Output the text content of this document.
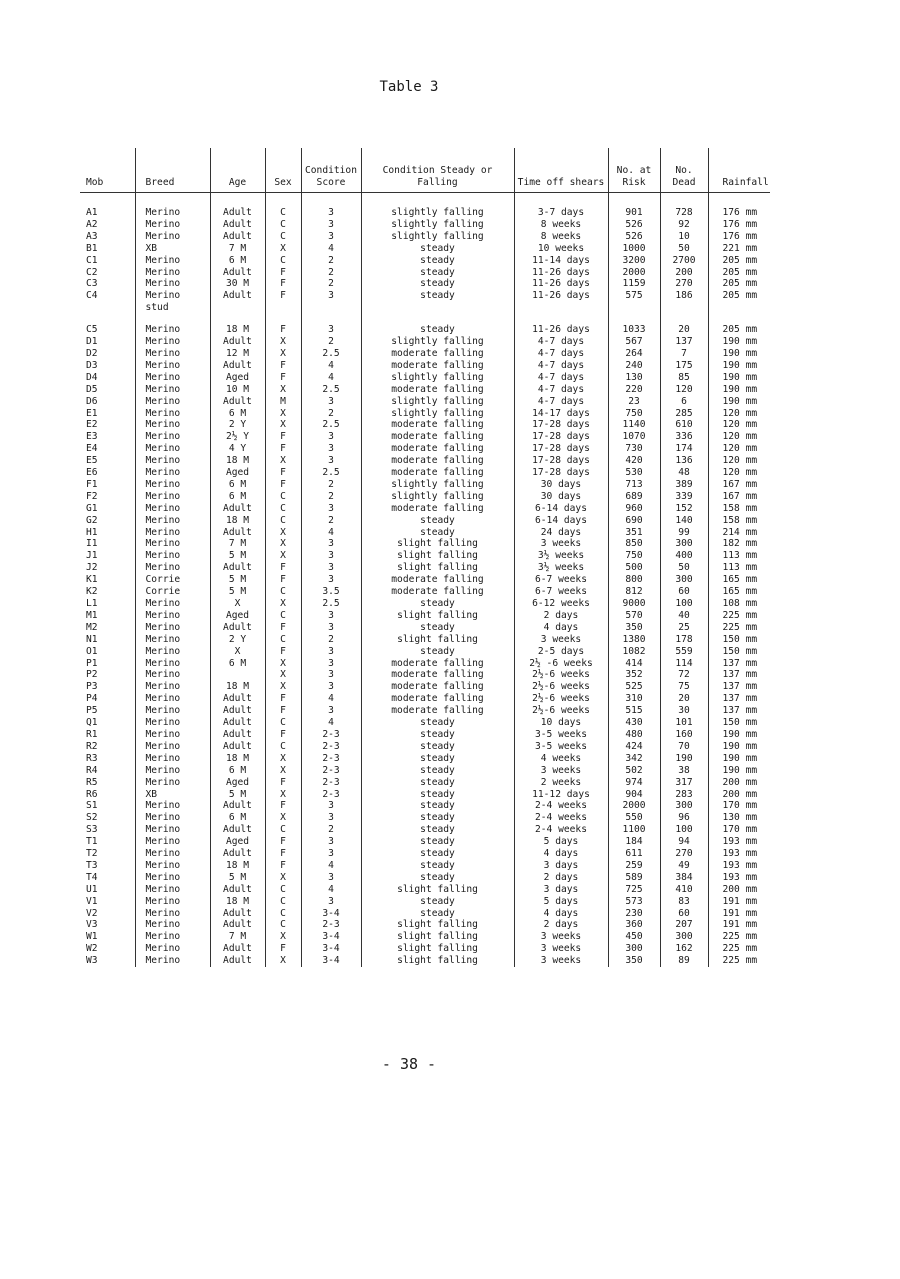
Table 3
Mob	Breed	Age	Sex	Condition Score	Condition Steady or Falling	Time off shears	No. at Risk	No. Dead	Rainfall
A1	Merino	Adult	C	3	slightly falling	3-7 days	901	728	176 mm
A2	Merino	Adult	C	3	slightly falling	8 weeks	526	92	176 mm
A3	Merino	Adult	C	3	slightly falling	8 weeks	526	10	176 mm
B1	XB	7 M	X	4	steady	10 weeks	1000	50	221 mm
C1	Merino	6 M	C	2	steady	11-14 days	3200	2700	205 mm
C2	Merino	Adult	F	2	steady	11-26 days	2000	200	205 mm
C3	Merino	30 M	F	2	steady	11-26 days	1159	270	205 mm
C4	Merino	Adult	F	3	steady	11-26 days	575	186	205 mm
	stud								
C5	Merino	18 M	F	3	steady	11-26 days	1033	20	205 mm
D1	Merino	Adult	X	2	slightly falling	4-7 days	567	137	190 mm
D2	Merino	12 M	X	2.5	moderate falling	4-7 days	264	7	190 mm
D3	Merino	Adult	F	4	moderate falling	4-7 days	240	175	190 mm
D4	Merino	Aged	F	4	slightly falling	4-7 days	130	85	190 mm
D5	Merino	10 M	X	2.5	moderate falling	4-7 days	220	120	190 mm
D6	Merino	Adult	M	3	slightly falling	4-7 days	23	6	190 mm
E1	Merino	6 M	X	2	slightly falling	14-17 days	750	285	120 mm
E2	Merino	2 Y	X	2.5	moderate falling	17-28 days	1140	610	120 mm
E3	Merino	2½ Y	F	3	moderate falling	17-28 days	1070	336	120 mm
E4	Merino	4 Y	F	3	moderate falling	17-28 days	730	174	120 mm
E5	Merino	18 M	X	3	moderate falling	17-28 days	420	136	120 mm
E6	Merino	Aged	F	2.5	moderate falling	17-28 days	530	48	120 mm
F1	Merino	6 M	F	2	slightly falling	30 days	713	389	167 mm
F2	Merino	6 M	C	2	slightly falling	30 days	689	339	167 mm
G1	Merino	Adult	C	3	moderate falling	6-14 days	960	152	158 mm
G2	Merino	18 M	C	2	steady	6-14 days	690	140	158 mm
H1	Merino	Adult	X	4	steady	24 days	351	99	214 mm
I1	Merino	7 M	X	3	slight falling	3 weeks	850	300	182 mm
J1	Merino	5 M	X	3	slight falling	3½ weeks	750	400	113 mm
J2	Merino	Adult	F	3	slight falling	3½ weeks	500	50	113 mm
K1	Corrie	5 M	F	3	moderate falling	6-7 weeks	800	300	165 mm
K2	Corrie	5 M	C	3.5	moderate falling	6-7 weeks	812	60	165 mm
L1	Merino	X	X	2.5	steady	6-12 weeks	9000	100	108 mm
M1	Merino	Aged	C	3	slight falling	2 days	570	40	225 mm
M2	Merino	Adult	F	3	steady	4 days	350	25	225 mm
N1	Merino	2 Y	C	2	slight falling	3 weeks	1380	178	150 mm
O1	Merino	X	F	3	steady	2-5 days	1082	559	150 mm
P1	Merino	6 M	X	3	moderate falling	2½ -6 weeks	414	114	137 mm
P2	Merino		X	3	moderate falling	2½-6 weeks	352	72	137 mm
P3	Merino	18 M	X	3	moderate falling	2½-6 weeks	525	75	137 mm
P4	Merino	Adult	F	4	moderate falling	2½-6 weeks	310	20	137 mm
P5	Merino	Adult	F	3	moderate falling	2½-6 weeks	515	30	137 mm
Q1	Merino	Adult	C	4	steady	10 days	430	101	150 mm
R1	Merino	Adult	F	2-3	steady	3-5 weeks	480	160	190 mm
R2	Merino	Adult	C	2-3	steady	3-5 weeks	424	70	190 mm
R3	Merino	18 M	X	2-3	steady	4 weeks	342	190	190 mm
R4	Merino	6 M	X	2-3	steady	3 weeks	502	38	190 mm
R5	Merino	Aged	F	2-3	steady	2 weeks	974	317	200 mm
R6	XB	5 M	X	2-3	steady	11-12 days	904	283	200 mm
S1	Merino	Adult	F	3	steady	2-4 weeks	2000	300	170 mm
S2	Merino	6 M	X	3	steady	2-4 weeks	550	96	130 mm
S3	Merino	Adult	C	2	steady	2-4 weeks	1100	100	170 mm
T1	Merino	Aged	F	3	steady	5 days	184	94	193 mm
T2	Merino	Adult	F	3	steady	4 days	611	270	193 mm
T3	Merino	18 M	F	4	steady	3 days	259	49	193 mm
T4	Merino	5 M	X	3	steady	2 days	589	384	193 mm
U1	Merino	Adult	C	4	slight falling	3 days	725	410	200 mm
V1	Merino	18 M	C	3	steady	5 days	573	83	191 mm
V2	Merino	Adult	C	3-4	steady	4 days	230	60	191 mm
V3	Merino	Adult	C	2-3	slight falling	2 days	360	207	191 mm
W1	Merino	7 M	X	3-4	slight falling	3 weeks	450	300	225 mm
W2	Merino	Adult	F	3-4	slight falling	3 weeks	300	162	225 mm
W3	Merino	Adult	X	3-4	slight falling	3 weeks	350	89	225 mm
- 38 -
